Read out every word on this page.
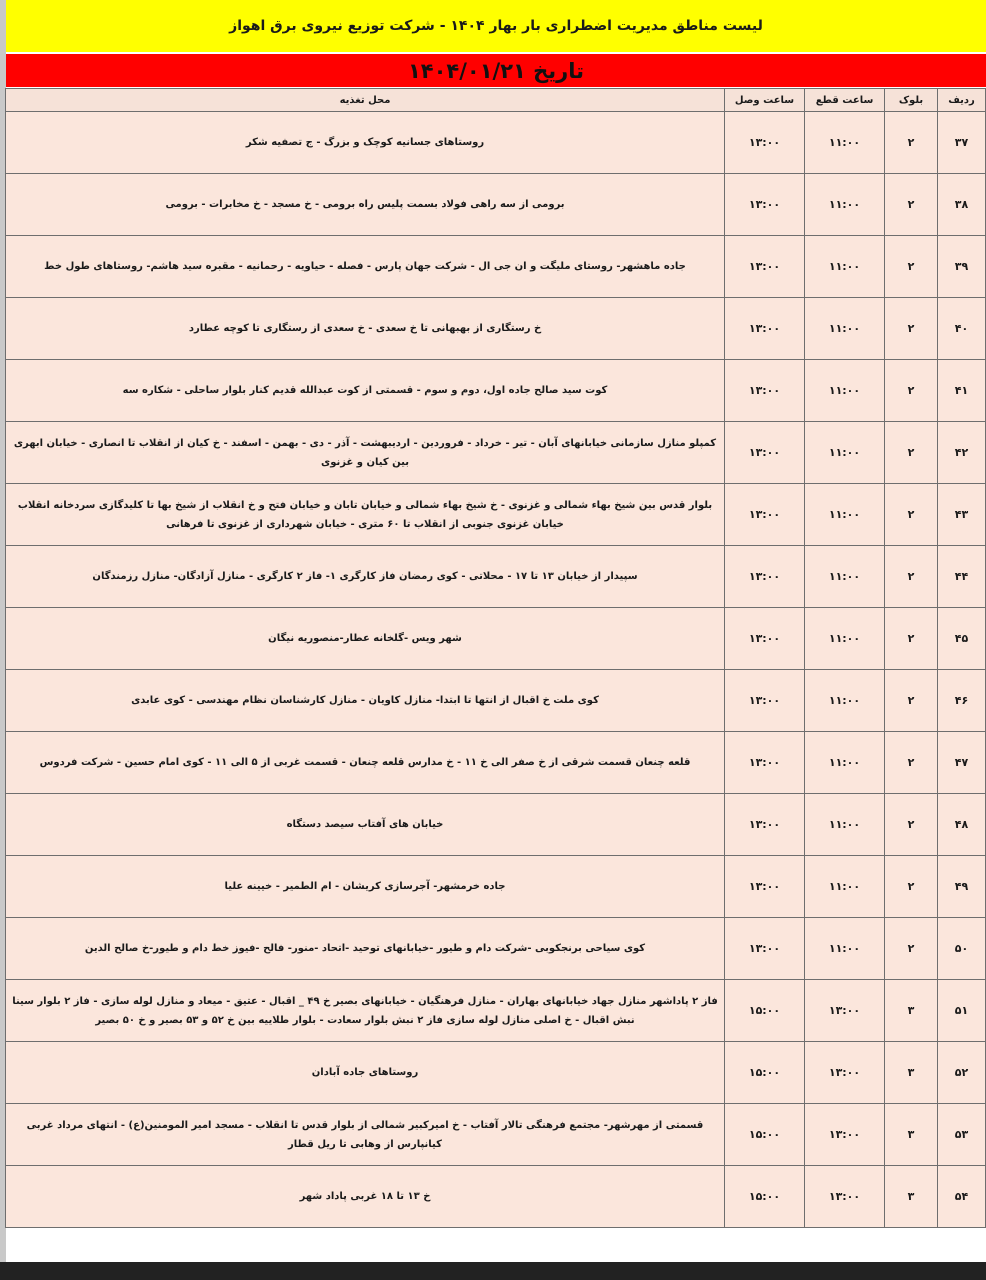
لیست مناطق مدیریت اضطراری بار بهار ۱۴۰۴ - شرکت توزیع نیروی برق اهواز
تاریخ ۱۴۰۴/۰۱/۲۱
ردیف	بلوک	ساعت قطع	ساعت وصل	محل تغذیه
۳۷	۲	۱۱:۰۰	۱۳:۰۰	روستاهای جسانیه کوچک و بزرگ - ج تصفیه شکر
۳۸	۲	۱۱:۰۰	۱۳:۰۰	برومی از سه راهی فولاد بسمت پلیس راه برومی - خ مسجد - خ مخابرات - برومی
۳۹	۲	۱۱:۰۰	۱۳:۰۰	جاده ماهشهر- روستای ملیگت و ان جی ال - شرکت جهان پارس - فصله - حیاویه - رحمانیه - مقبره سید هاشم- روستاهای طول خط
۴۰	۲	۱۱:۰۰	۱۳:۰۰	خ رستگاری از بهبهانی تا خ سعدی - خ سعدی از رستگاری تا کوچه عطارد
۴۱	۲	۱۱:۰۰	۱۳:۰۰	کوت سید صالح جاده اول، دوم و سوم - قسمتی از کوت عبدالله قدیم کنار بلوار ساحلی - شکاره سه
۴۲	۲	۱۱:۰۰	۱۳:۰۰	کمپلو منازل سازمانی خیابانهای آبان - تیر - خرداد - فروردین - اردیبهشت - آذر - دی - بهمن - اسفند - خ کیان از انقلاب تا انصاری - خیابان ابهری بین کیان و غزنوی
۴۳	۲	۱۱:۰۰	۱۳:۰۰	بلوار قدس بین شیخ بهاء شمالی و غزنوی - خ شیخ بهاء شمالی و خیابان تابان و خیابان فتح و خ انقلاب از شیخ بها تا کلیدگازی سردخانه انقلاب خیابان غزنوی جنوبی از انقلاب تا ۶۰ متری - خیابان شهرداری از غزنوی تا فرهانی
۴۴	۲	۱۱:۰۰	۱۳:۰۰	سپیدار از خیابان ۱۳ تا ۱۷ - محلاتی - کوی رمضان فاز کارگری ۱- فاز ۲ کارگری - منازل آزادگان- منازل رزمندگان
۴۵	۲	۱۱:۰۰	۱۳:۰۰	شهر ویس -گلخانه عطار-منصوریه نیگان
۴۶	۲	۱۱:۰۰	۱۳:۰۰	کوی ملت خ اقبال از انتها تا ابتدا- منازل کاویان - منازل کارشناسان نظام مهندسی - کوی عابدی
۴۷	۲	۱۱:۰۰	۱۳:۰۰	قلعه چنعان قسمت شرقی از خ صفر الی خ ۱۱ - خ مدارس قلعه چنعان - قسمت غربی از ۵ الی ۱۱ - کوی امام حسین - شرکت فردوس
۴۸	۲	۱۱:۰۰	۱۳:۰۰	خیابان های آفتاب سیصد دستگاه
۴۹	۲	۱۱:۰۰	۱۳:۰۰	جاده خرمشهر- آجرسازی کریشان - ام الطمیر - خیینه علیا
۵۰	۲	۱۱:۰۰	۱۳:۰۰	کوی سیاحی برنجکوبی -شرکت دام و طیور -خیابانهای توحید -اتحاد -منور- فالح -فیوز خط دام و طیور-خ صالح الدین
۵۱	۳	۱۳:۰۰	۱۵:۰۰	فاز ۲ پاداشهر منازل جهاد خیابانهای بهاران - منازل فرهنگیان - خیابانهای بصیر خ ۴۹ _ اقبال - عتیق - میعاد و منازل لوله سازی - فاز ۲ بلوار سینا نبش اقبال - خ اصلی منازل لوله سازی فاز ۲ نبش بلوار سعادت - بلوار طلاییه بین خ ۵۲ و ۵۳ بصیر و خ ۵۰ بصیر
۵۲	۳	۱۳:۰۰	۱۵:۰۰	روستاهای جاده آبادان
۵۳	۳	۱۳:۰۰	۱۵:۰۰	قسمتی از مهرشهر- مجتمع فرهنگی تالار آفتاب - خ امیرکبیر شمالی از بلوار قدس تا انقلاب - مسجد امیر المومنین(ع) - انتهای مرداد غربی کیانپارس از وهابی تا ریل قطار
۵۴	۳	۱۳:۰۰	۱۵:۰۰	خ ۱۳ تا ۱۸ غربی پاداد شهر
